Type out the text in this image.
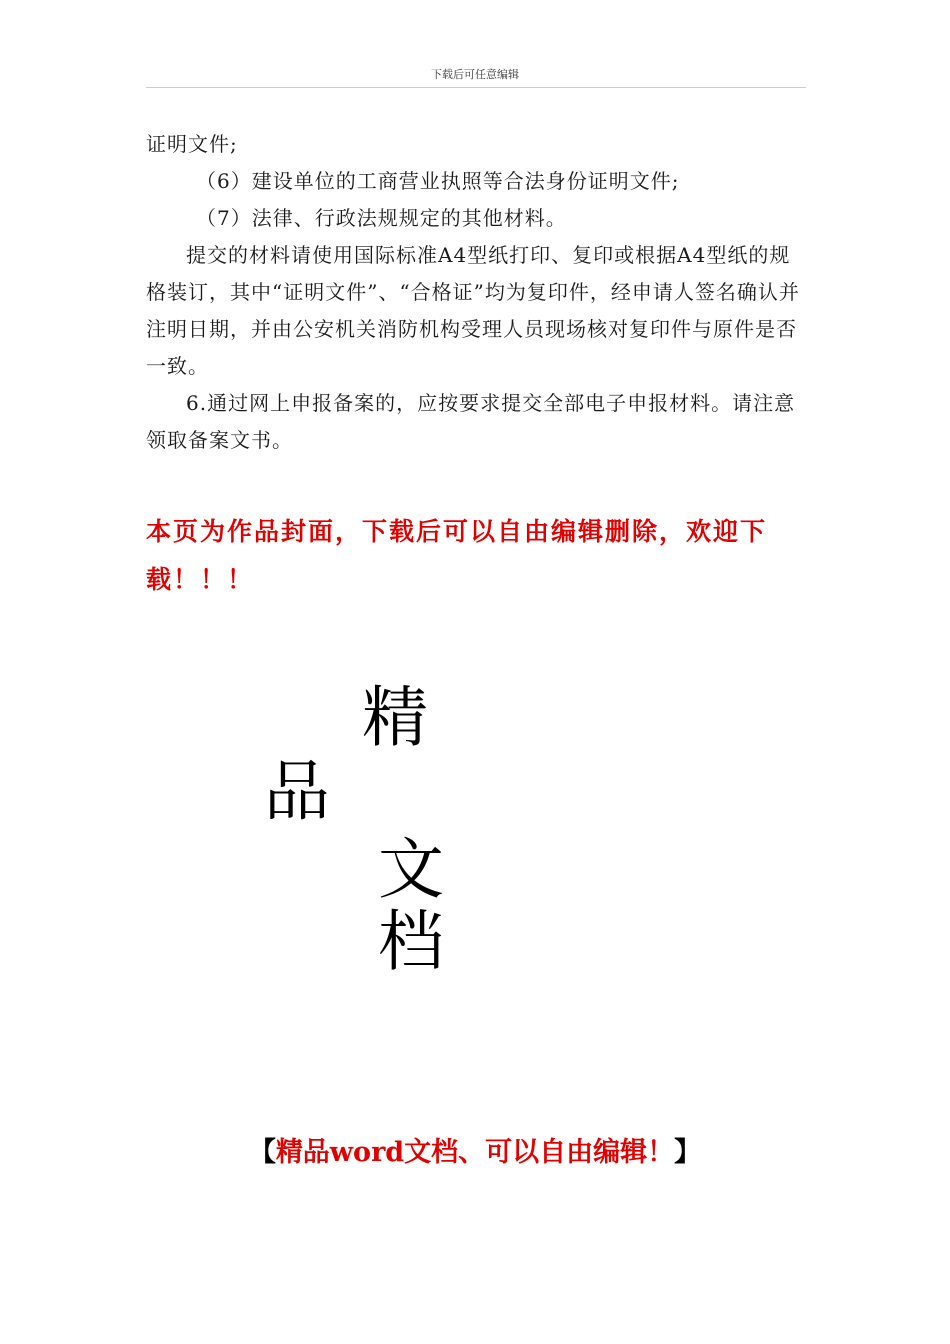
下载后可任意编辑

证明文件;

（6）建设单位的工商营业执照等合法身份证明文件;

（7）法律、行政法规规定的其他材料。

提交的材料请使用国际标准A4型纸打印、复印或根据A4型纸的规格装订，其中“证明文件”、“合格证”均为复印件，经申请人签名确认并注明日期，并由公安机关消防机构受理人员现场核对复印件与原件是否一致。

6.通过网上申报备案的，应按要求提交全部电子申报材料。请注意领取备案文书。

本页为作品封面，下载后可以自由编辑删除，欢迎下载！！！
精
品
文
档
【精品word文档、可以自由编辑！】
